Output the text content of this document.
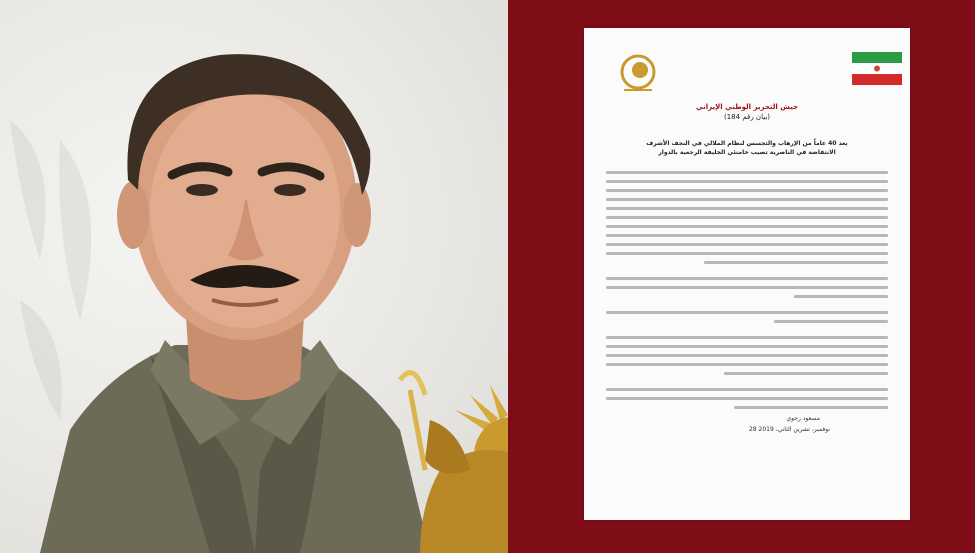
جيش التحرير الوطني الإيراني
(بيان رقم 184)
بعد 40 عاماً من الإرهاب والتجسس لنظام الملالي في النجف الأشرف
الانتفاضة في الناصرية تصيب خامنئي الخليفة الرجعية بالدوار
مسعود رجوي
28 نوفمبر، تشرين الثاني، 2019
